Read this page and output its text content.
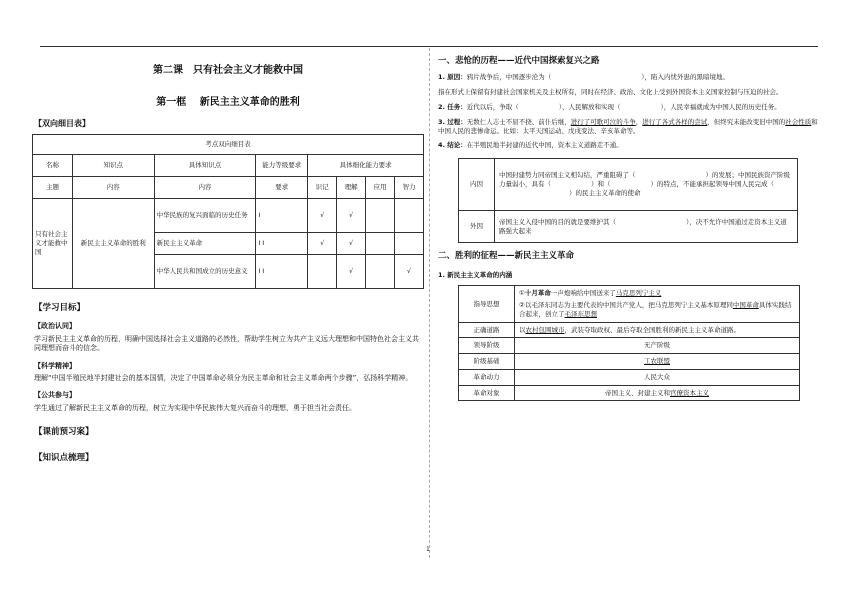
第二课　只有社会主义才能救中国
第一框　 新民主主义革命的胜利
【双向细目表】
考点双向细目表							
名称	知识点	具体知识点	能力等级要求	具体细化能力要求			
主题	内容	内容	要求	识记	理解	应用	智力
只有社会主义才能救中国	新民主主义革命的胜利	中华民族的复兴面临的历史任务	I	√	√		
		新民主主义革命	I I	√	√		
		中华人民共和国成立的历史意义	I I		√		√
【学习目标】
【政治认同】

学习新民主主义革命的历程，明确中国选择社会主义道路的必然性，帮助学生树立为共产主义远大理想和中国特色社会主义共同理想而奋斗的信念。

【科学精神】

理解“中国半殖民地半封建社会的基本国情，决定了中国革命必须分为民主革命和社会主义革命两个步骤”，弘扬科学精神。

【公共参与】

学生通过了解新民主主义革命的历程，树立为实现中华民族伟大复兴而奋斗的理想，勇于担当社会责任。

【课前预习案】
【知识点梳理】
一、悲怆的历程——近代中国探索复兴之路
1. 原因：鸦片战争后，中国逐步沦为（	），陷入内忧外患的黑暗境地。
指在形式上保留有封建社会国家机关及主权所有，同时在经济、政治、文化上受到外国资本主义国家控制与压迫的社会。
2. 任务：近代以后，争取（	）、人民解放和实现（	），人民幸福就成为中国人民的历史任务。
3. 过程：无数仁人志士不屈不挠、前仆后继，进行了可歌可泣的斗争，进行了各式各样的尝试，但终究未能改变旧中国的社会性质和中国人民的悲惨命运。比如：太平天国运动、戊戌变法、辛亥革命等。
4. 结论：在半殖民地半封建的近代中国，资本主义道路走不通。
内因	中国封建势力同帝国主义相勾结，严重阻碍了（ ）的发展；中国民族资产阶级力量弱小，具有（ ）和（ ）的特点，不能承担起领导中国人民完成（）的民主主义革命的使命
外因	帝国主义入侵中国的目的就是要维护其（ ），决不允许中国通过走资本主义道路强大起来
二、胜利的征程——新民主主义革命
1. 新民主主义革命的内涵
指导思想	①十月革命一声炮响给中国送来了马克思列宁主义
②以毛泽东同志为主要代表的中国共产党人，把马克思列宁主义基本原理同中国革命具体实践结合起来，创立了毛泽东思想

正确道路	以农村包围城市，武装夺取政权、最后夺取全国胜利的新民主主义革命道路。
领导阶级	无产阶级
阶级基础	工农联盟
革命动力	人民大众
革命对象	帝国主义、封建主义和官僚资本主义
1
